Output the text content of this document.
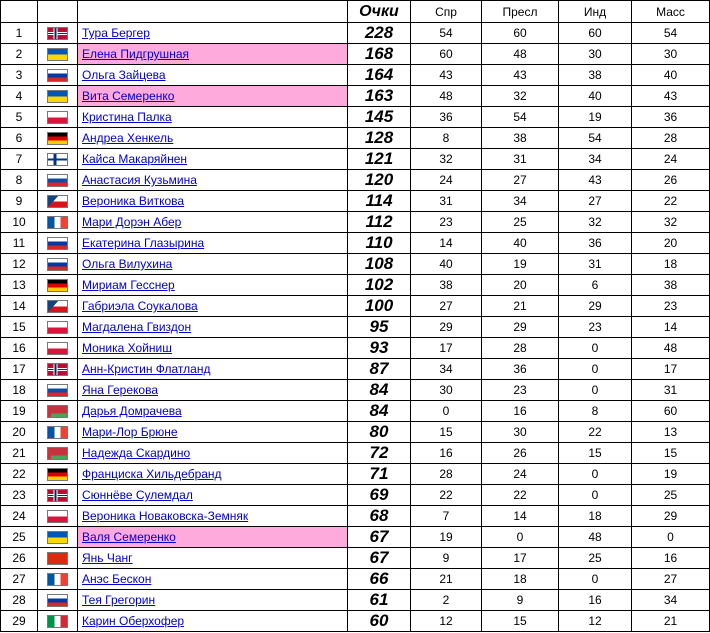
			Очки	Спр	Пресл	Инд	Масс
1		Тура Бергер	228	54	60	60	54
2		Елена Пидгрушная	168	60	48	30	30
3		Ольга Зайцева	164	43	43	38	40
4		Вита Семеренко	163	48	32	40	43
5		Кристина Палка	145	36	54	19	36
6		Андреа Хенкель	128	8	38	54	28
7		Кайса Макаряйнен	121	32	31	34	24
8		Анастасия Кузьмина	120	24	27	43	26
9		Вероника Виткова	114	31	34	27	22
10		Мари Дорэн Абер	112	23	25	32	32
11		Екатерина Глазырина	110	14	40	36	20
12		Ольга Вилухина	108	40	19	31	18
13		Мириам Гесснер	102	38	20	6	38
14		Габриэла Соукалова	100	27	21	29	23
15		Магдалена Гвиздон	95	29	29	23	14
16		Моника Хойниш	93	17	28	0	48
17		Анн-Кристин Флатланд	87	34	36	0	17
18		Яна Герекова	84	30	23	0	31
19		Дарья Домрачева	84	0	16	8	60
20		Мари-Лор Брюне	80	15	30	22	13
21		Надежда Скардино	72	16	26	15	15
22		Франциска Хильдебранд	71	28	24	0	19
23		Сюннёве Сулемдал	69	22	22	0	25
24		Вероника Новаковска-Земняк	68	7	14	18	29
25		Валя Семеренко	67	19	0	48	0
26		Янь Чанг	67	9	17	25	16
27		Анэс Бескон	66	21	18	0	27
28		Тея Грегорин	61	2	9	16	34
29		Карин Оберхофер	60	12	15	12	21
